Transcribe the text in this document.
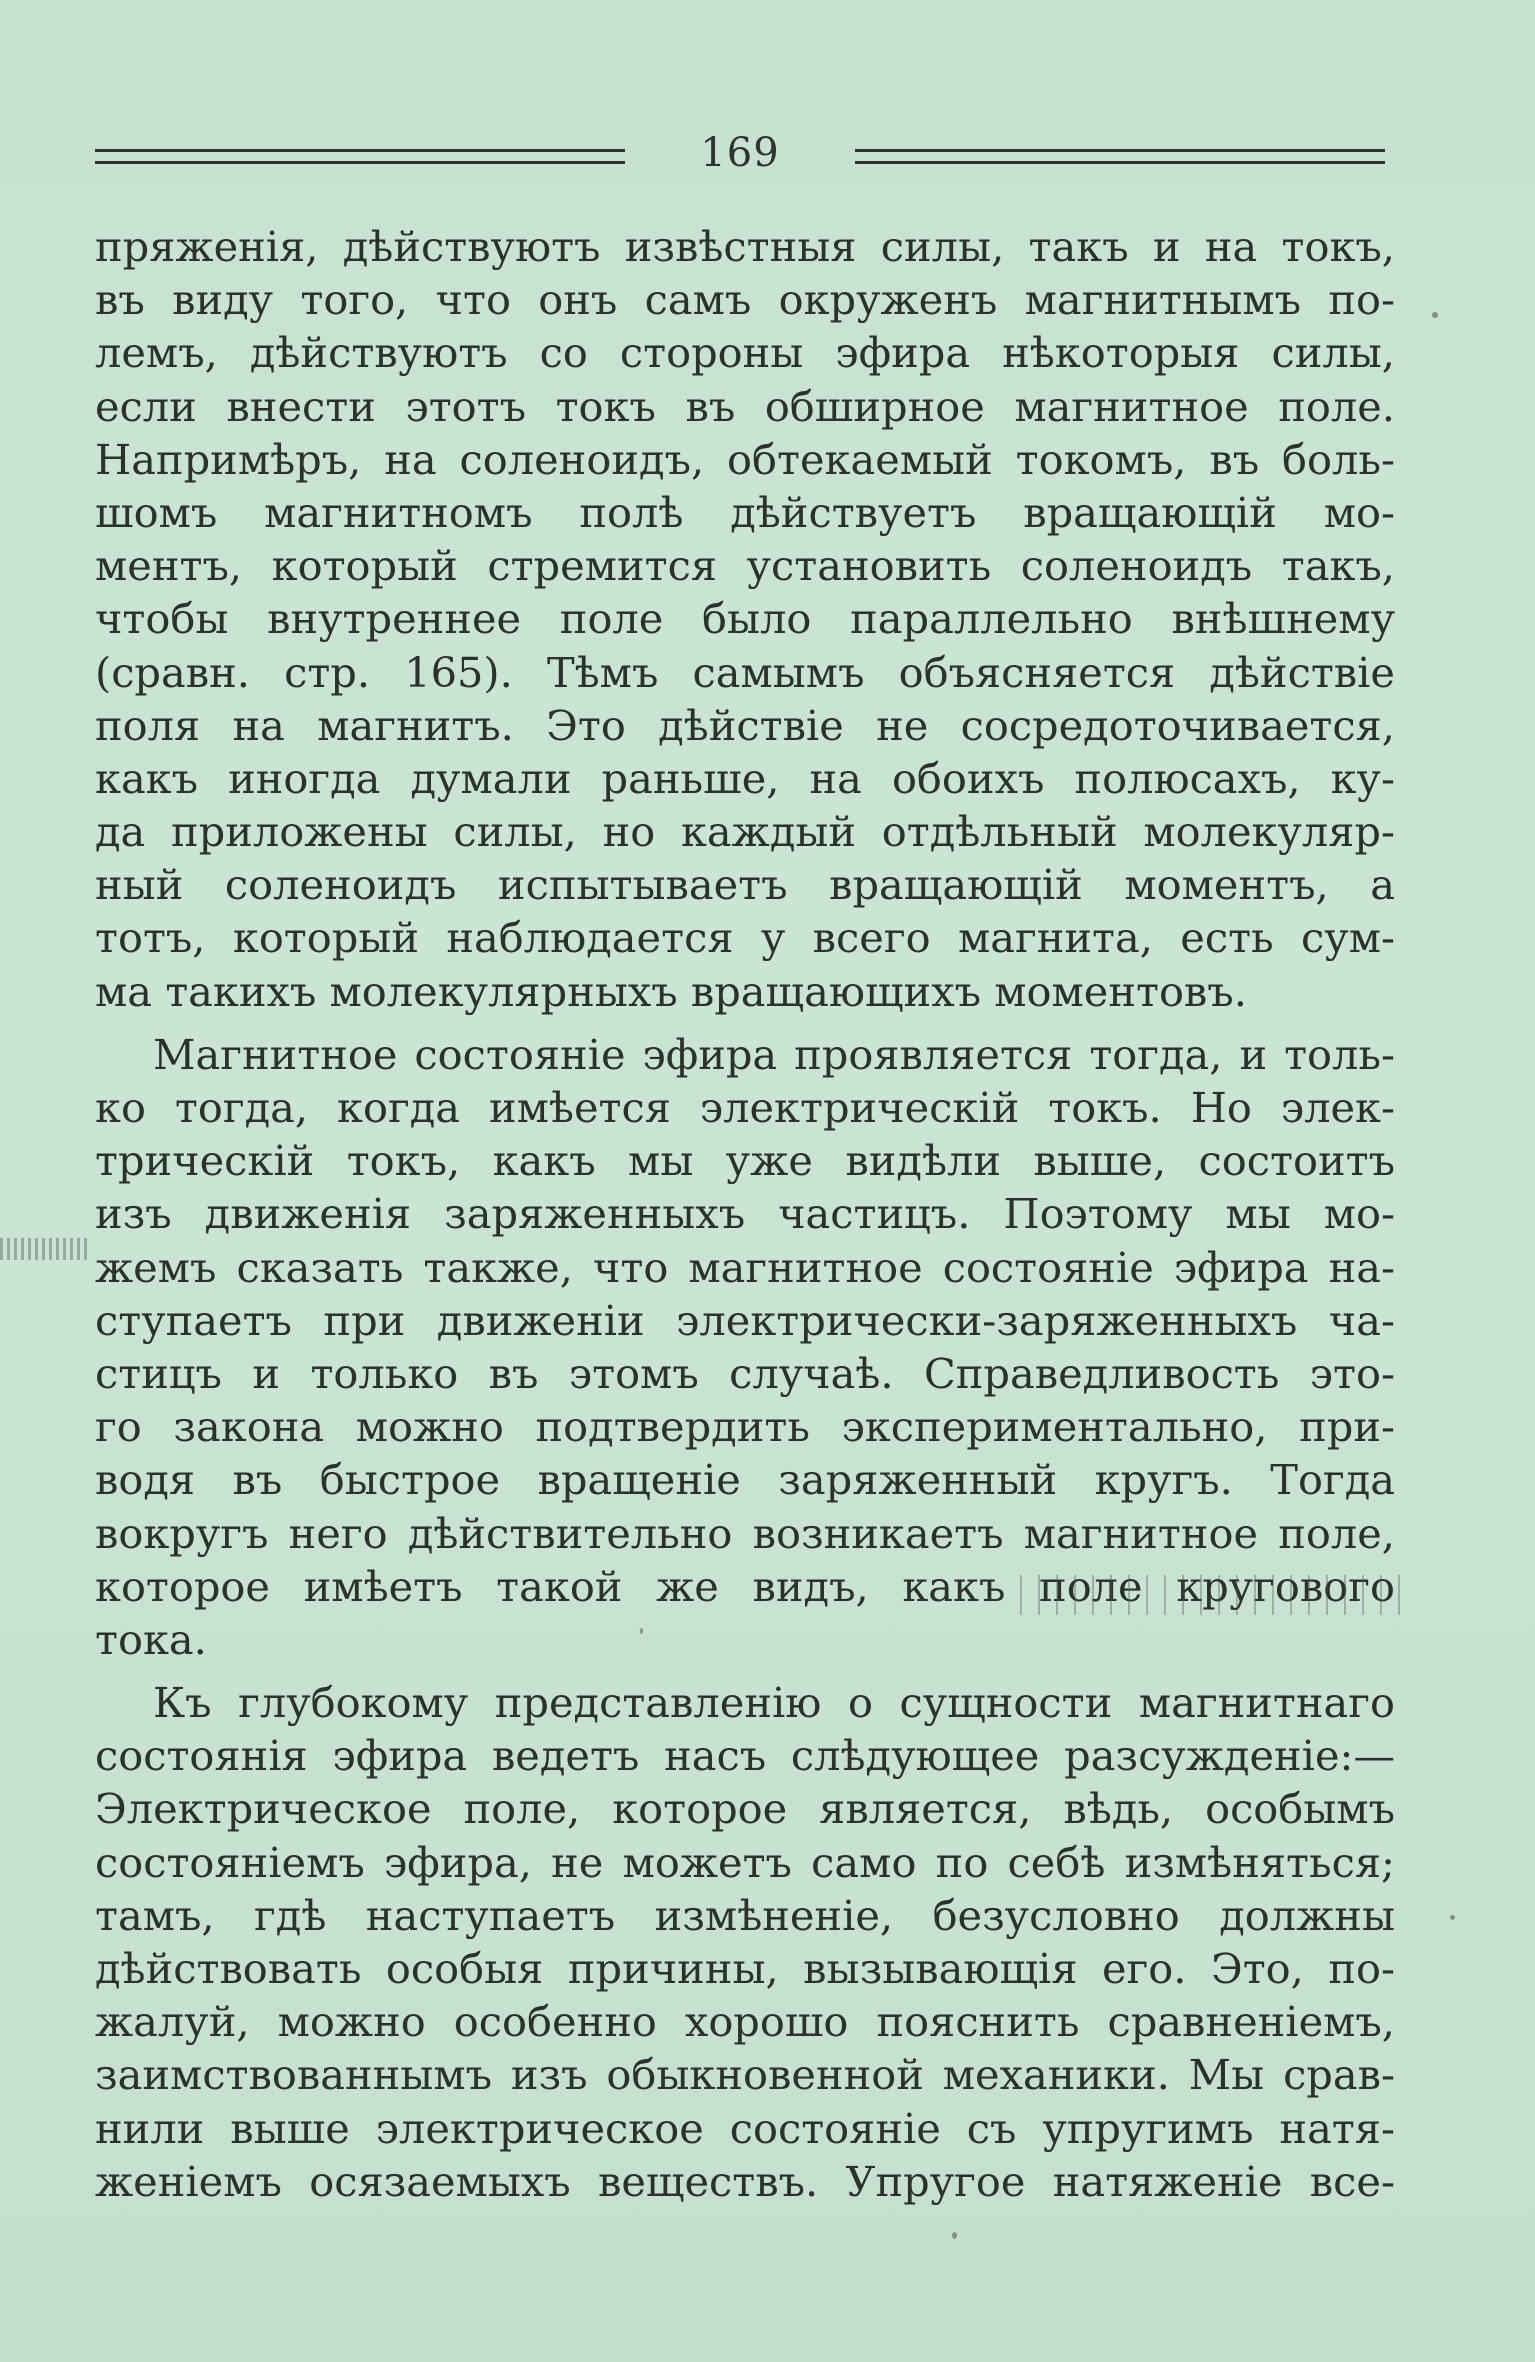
169
пряженія, дѣйствуютъ извѣстныя силы, такъ и на токъ,
въ виду того, что онъ самъ окруженъ магнитнымъ по-
лемъ, дѣйствуютъ со стороны эфира нѣкоторыя силы,
если внести этотъ токъ въ обширное магнитное поле.
Напримѣръ, на соленоидъ, обтекаемый токомъ, въ боль-
шомъ магнитномъ полѣ дѣйствуетъ вращающій мо-
ментъ, который стремится установить соленоидъ такъ,
чтобы внутреннее поле было параллельно внѣшнему
(сравн. стр. 165). Тѣмъ самымъ объясняется дѣйствіе
поля на магнитъ. Это дѣйствіе не сосредоточивается,
какъ иногда думали раньше, на обоихъ полюсахъ, ку-
да приложены силы, но каждый отдѣльный молекуляр-
ный соленоидъ испытываетъ вращающій моментъ, а
тотъ, который наблюдается у всего магнита, есть сум-
ма такихъ молекулярныхъ вращающихъ моментовъ.
Магнитное состояніе эфира проявляется тогда, и толь-
ко тогда, когда имѣется электрическій токъ. Но элек-
трическій токъ, какъ мы уже видѣли выше, состоитъ
изъ движенія заряженныхъ частицъ. Поэтому мы мо-
жемъ сказать также, что магнитное состояніе эфира на-
ступаетъ при движеніи электрически-заряженныхъ ча-
стицъ и только въ этомъ случаѣ. Справедливость это-
го закона можно подтвердить экспериментально, при-
водя въ быстрое вращеніе заряженный кругъ. Тогда
вокругъ него дѣйствительно возникаетъ магнитное поле,
которое имѣетъ такой же видъ, какъ поле кругового
тока.
Къ глубокому представленію о сущности магнитнаго
состоянія эфира ведетъ насъ слѣдующее разсужденіе:—
Электрическое поле, которое является, вѣдь, особымъ
состояніемъ эфира, не можетъ само по себѣ измѣняться;
тамъ, гдѣ наступаетъ измѣненіе, безусловно должны
дѣйствовать особыя причины, вызывающія его. Это, по-
жалуй, можно особенно хорошо пояснить сравненіемъ,
заимствованнымъ изъ обыкновенной механики. Мы срав-
нили выше электрическое состояніе съ упругимъ натя-
женіемъ осязаемыхъ веществъ. Упругое натяженіе все-
